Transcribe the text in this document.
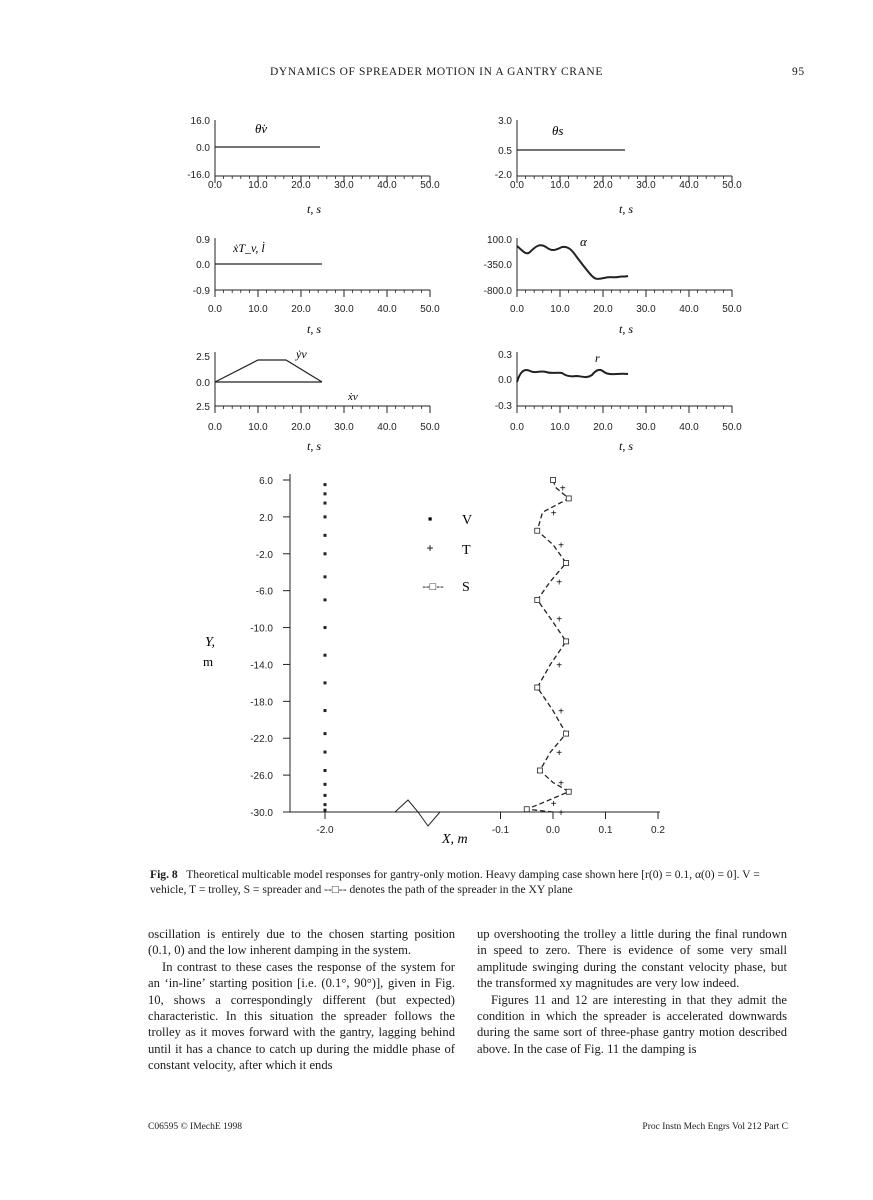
DYNAMICS OF SPREADER MOTION IN A GANTRY CRANE	95
16.0
0.0
-16.0
0.0	10.0 20.0 30.0 40.0 50.0
θ̇v
t, s
3.0
0.5
-2.0
0.0	10.0 20.0 30.0 40.0 50.0
θs
t, s
0.9
0.0
-0.9
0.0	10.0 20.0 30.0 40.0 50.0
ẋT_v, l̇
t, s
100.0
-350.0
-800.0
0.0	10.0 20.0 30.0 40.0 50.0
α
t, s
2.5
0.0
2.5
0.0	10.0 20.0 30.0 40.0 50.0
ẏv
ẋv
t, s
0.3
0.0
-0.3
0.0	10.0 20.0 30.0 40.0 50.0
r
t, s
6.0
2.0
-2.0
-6.0
-10.0
-14.0
-18.0
-22.0
-26.0
-30.0
-2.0	-0.1	0.0	0.1	0.2
+
+
+
+
+
+
+
+
+
+
+
▪ V
+ T
--□-- S
Y,
m
X, m
Fig. 8 Theoretical multicable model responses for gantry-only motion. Heavy damping case shown here [r(0) = 0.1, α(0) = 0]. V = vehicle, T = trolley, S = spreader and --□-- denotes the path of the spreader in the XY plane

oscillation is entirely due to the chosen starting position (0.1, 0) and the low inherent damping in the system.

In contrast to these cases the response of the system for an ‘in-line’ starting position [i.e. (0.1°, 90°)], given in Fig. 10, shows a correspondingly different (but expected) characteristic. In this situation the spreader follows the trolley as it moves forward with the gantry, lagging behind until it has a chance to catch up during the middle phase of constant velocity, after which it ends

up overshooting the trolley a little during the final rundown in speed to zero. There is evidence of some very small amplitude swinging during the constant velocity phase, but the transformed xy magnitudes are very low indeed.

Figures 11 and 12 are interesting in that they admit the condition in which the spreader is accelerated downwards during the same sort of three-phase gantry motion described above. In the case of Fig. 11 the damping is

C06595 © IMechE 1998	Proc Instn Mech Engrs Vol 212 Part C
